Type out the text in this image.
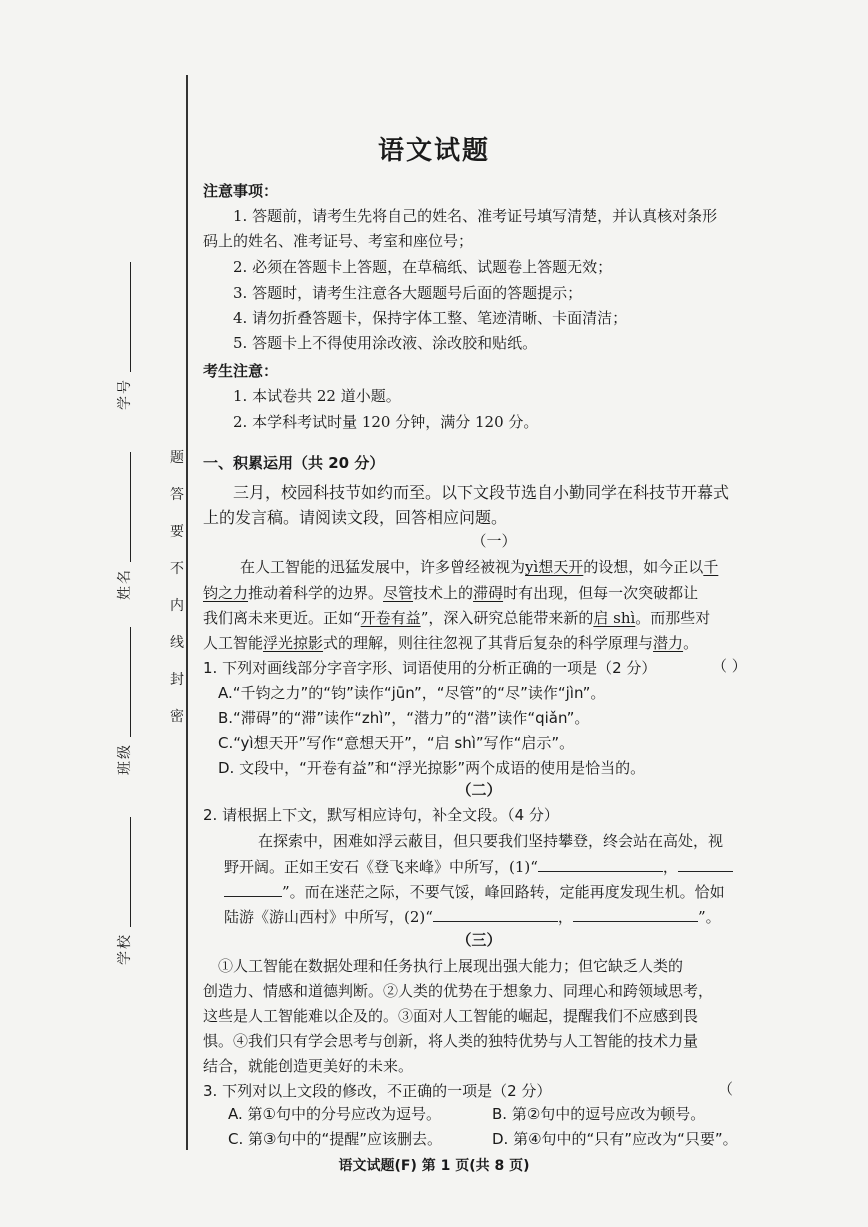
学校
班级
姓名
学号
题
答
要
不
内
线
封
密
语文试题
注意事项：
1. 答题前，请考生先将自己的姓名、准考证号填写清楚，并认真核对条形
码上的姓名、准考证号、考室和座位号；
2. 必须在答题卡上答题，在草稿纸、试题卷上答题无效；
3. 答题时，请考生注意各大题题号后面的答题提示；
4. 请勿折叠答题卡，保持字体工整、笔迹清晰、卡面清洁；
5. 答题卡上不得使用涂改液、涂改胶和贴纸。
考生注意：
1. 本试卷共 22 道小题。
2. 本学科考试时量 120 分钟，满分 120 分。
一、积累运用（共 20 分）
三月，校园科技节如约而至。以下文段节选自小勤同学在科技节开幕式
上的发言稿。请阅读文段，回答相应问题。
（一）
在人工智能的迅猛发展中，许多曾经被视为yì想天开的设想，如今正以千
钧之力推动着科学的边界。尽管技术上的滞碍时有出现，但每一次突破都让
我们离未来更近。正如“开卷有益”，深入研究总能带来新的启 shì。而那些对
人工智能浮光掠影式的理解，则往往忽视了其背后复杂的科学原理与潜力。
1. 下列对画线部分字音字形、词语使用的分析正确的一项是（2 分）	（ ）
A.“千钧之力”的“钧”读作“jūn”，“尽管”的“尽”读作“jìn”。
B.“滞碍”的“滞”读作“zhì”，“潜力”的“潜”读作“qiǎn”。
C.“yì想天开”写作“意想天开”，“启 shì”写作“启示”。
D. 文段中，“开卷有益”和“浮光掠影”两个成语的使用是恰当的。
（二）
2. 请根据上下文，默写相应诗句，补全文段。（4 分）
在探索中，困难如浮云蔽目，但只要我们坚持攀登，终会站在高处，视
野开阔。正如王安石《登飞来峰》中所写，(1)“	，
”。而在迷茫之际，不要气馁，峰回路转，定能再度发现生机。恰如
陆游《游山西村》中所写，(2)“	，	”。
（三）
①人工智能在数据处理和任务执行上展现出强大能力；但它缺乏人类的
创造力、情感和道德判断。②人类的优势在于想象力、同理心和跨领域思考，
这些是人工智能难以企及的。③面对人工智能的崛起，提醒我们不应感到畏
惧。④我们只有学会思考与创新，将人类的独特优势与人工智能的技术力量
结合，就能创造更美好的未来。
3. 下列对以上文段的修改，不正确的一项是（2 分）	（
A. 第①句中的分号应改为逗号。	B. 第②句中的逗号应改为顿号。
C. 第③句中的“提醒”应该删去。	D. 第④句中的“只有”应改为“只要”。
语文试题(F) 第 1 页(共 8 页)
